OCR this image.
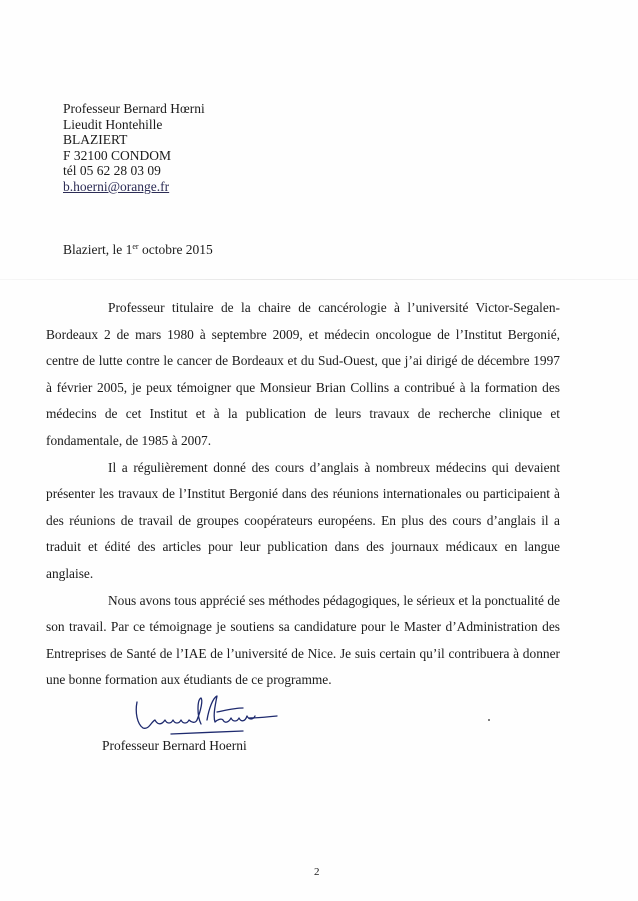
Professeur Bernard Hœrni
Lieudit Hontehille
BLAZIERT
F 32100 CONDOM
tél 05 62 28 03 09
b.hoerni@orange.fr
Blaziert, le 1er octobre 2015

Professeur titulaire de la chaire de cancérologie à l’université Victor-Segalen-Bordeaux 2 de mars 1980 à septembre 2009, et médecin oncologue de l’Institut Bergonié, centre de lutte contre le cancer de Bordeaux et du Sud-Ouest, que j’ai dirigé de décembre 1997 à février 2005, je peux témoigner que Monsieur Brian Collins a contribué à la formation des médecins de cet Institut et à la publication de leurs travaux de recherche clinique et fondamentale, de 1985 à 2007.

Il a régulièrement donné des cours d’anglais à nombreux médecins qui devaient présenter les travaux de l’Institut Bergonié dans des réunions internationales ou participaient à des réunions de travail de groupes coopérateurs européens. En plus des cours d’anglais il a traduit et édité des articles pour leur publication dans des journaux médicaux en langue anglaise.

Nous avons tous apprécié ses méthodes pédagogiques, le sérieux et la ponctualité de son travail. Par ce témoignage je soutiens sa candidature pour le Master d’Administration des Entreprises de Santé de l’IAE de l’université de Nice. Je suis certain qu’il contribuera à donner une bonne formation aux étudiants de ce programme.

Professeur Bernard Hoerni
2
